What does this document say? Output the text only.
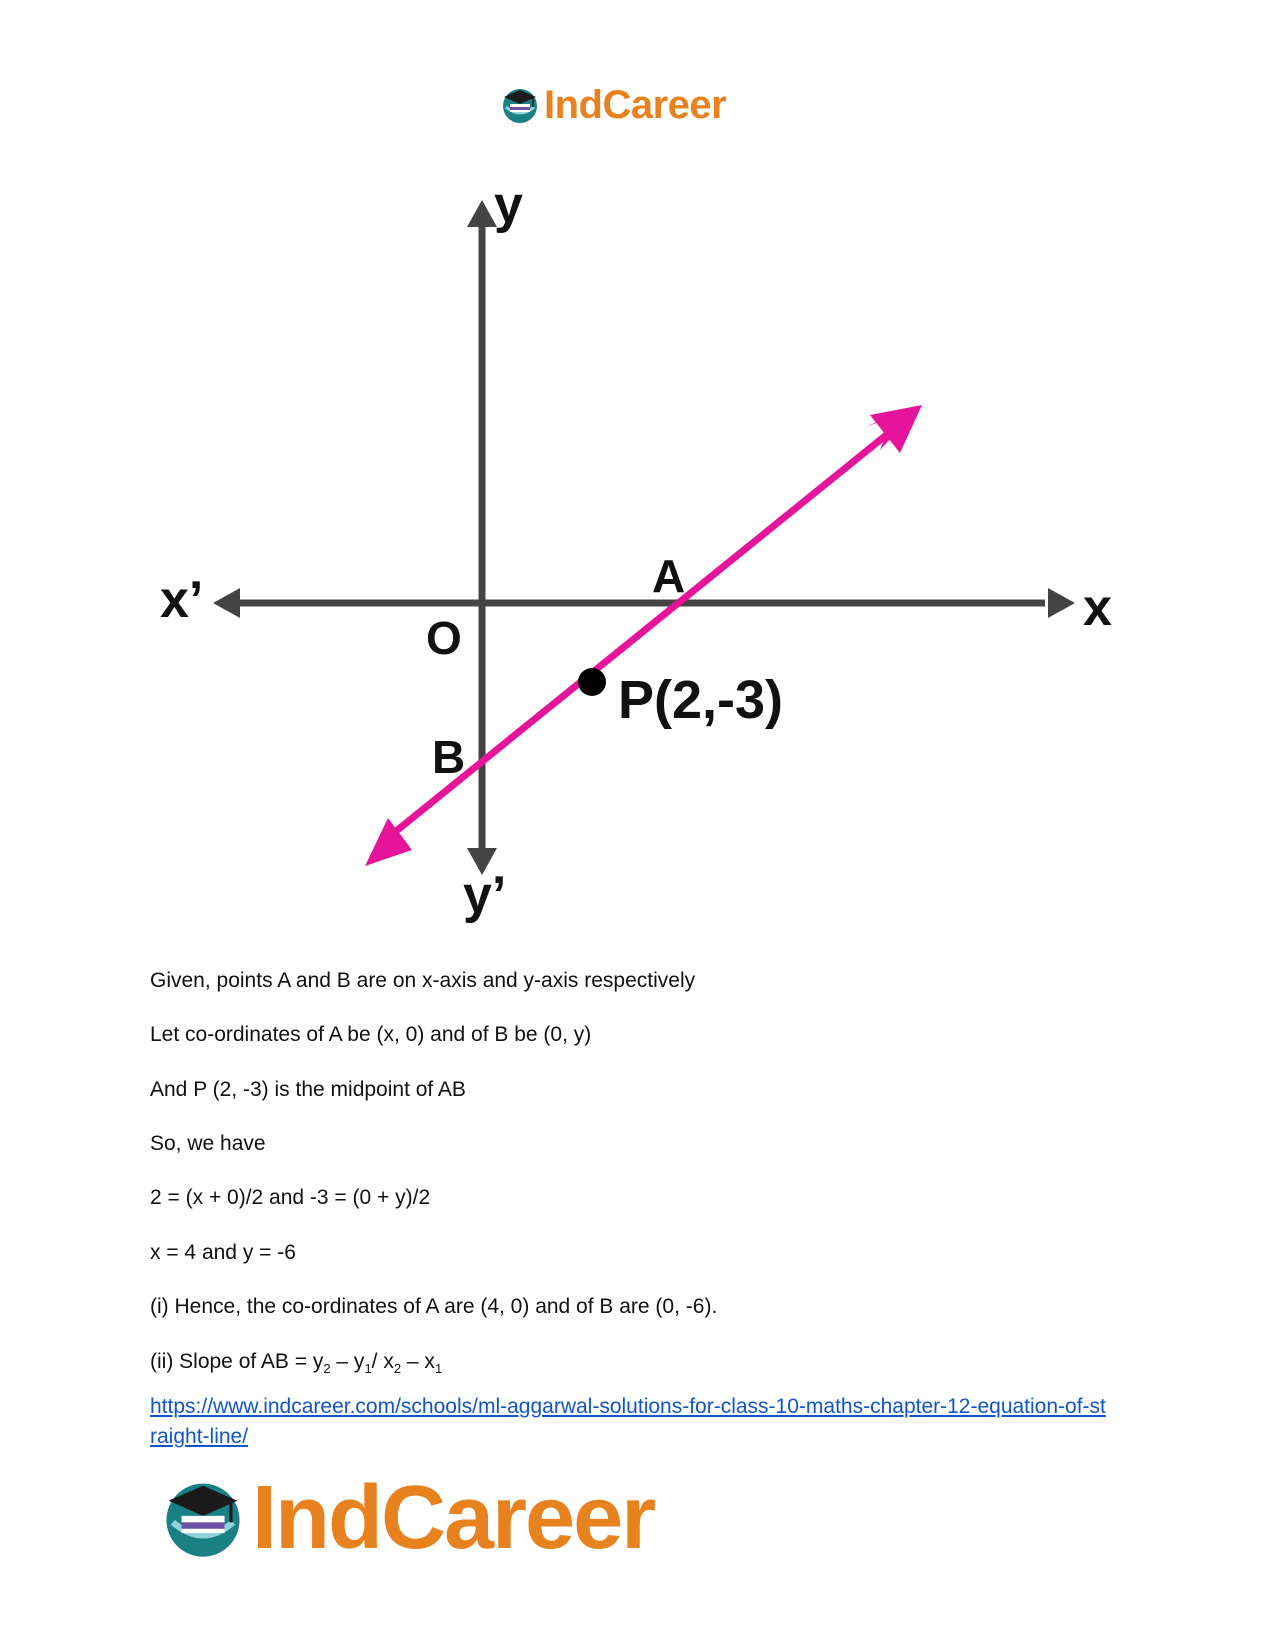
IndCareer
y
y’
x
x’
O
A
B
P(2,-3)
Given, points A and B are on x-axis and y-axis respectively
Let co-ordinates of A be (x, 0) and of B be (0, y)
And P (2, -3) is the midpoint of AB
So, we have
2 = (x + 0)/2 and -3 = (0 + y)/2
x = 4 and y = -6
(i) Hence, the co-ordinates of A are (4, 0) and of B are (0, -6).
(ii) Slope of AB = $y_2 - y_1/$ $x_2 - x_1$
https://www.indcareer.com/schools/ml-aggarwal-solutions-for-class-10-maths-chapter-12-equation-of-straight-line/
IndCareer
